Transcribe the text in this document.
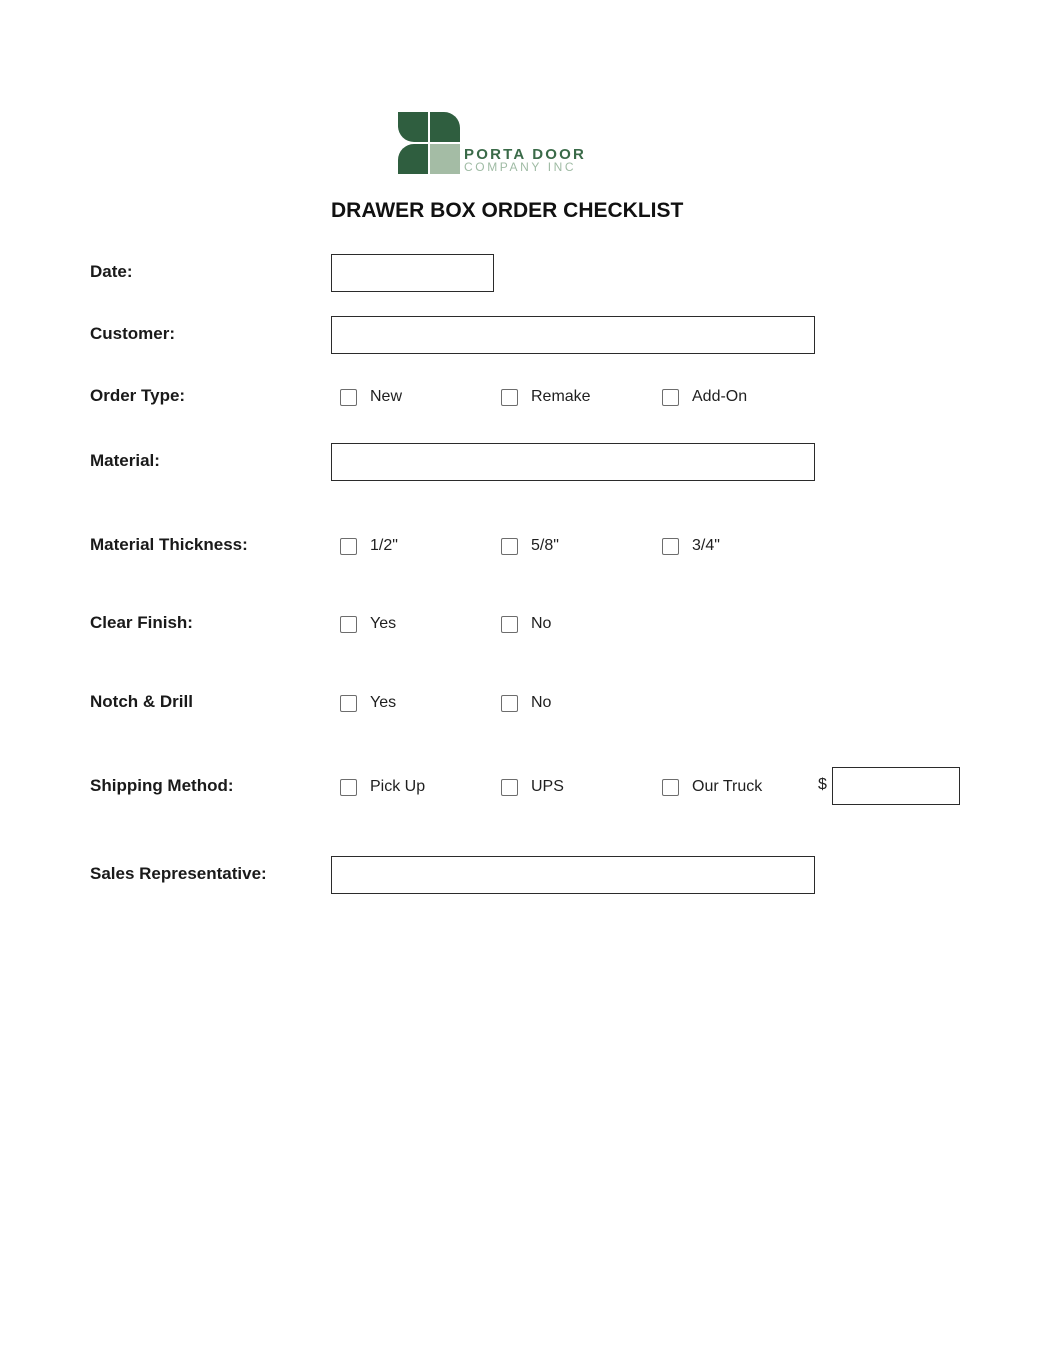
PORTA DOOR
COMPANY INC
DRAWER BOX ORDER CHECKLIST
Date:
Customer:
Order Type:	New	Remake	Add-On
Material:
Material Thickness:	1/2"	5/8"	3/4"
Clear Finish:	Yes	No
Notch & Drill	Yes	No
Shipping Method:	Pick Up	UPS	Our Truck	$
Sales Representative:
